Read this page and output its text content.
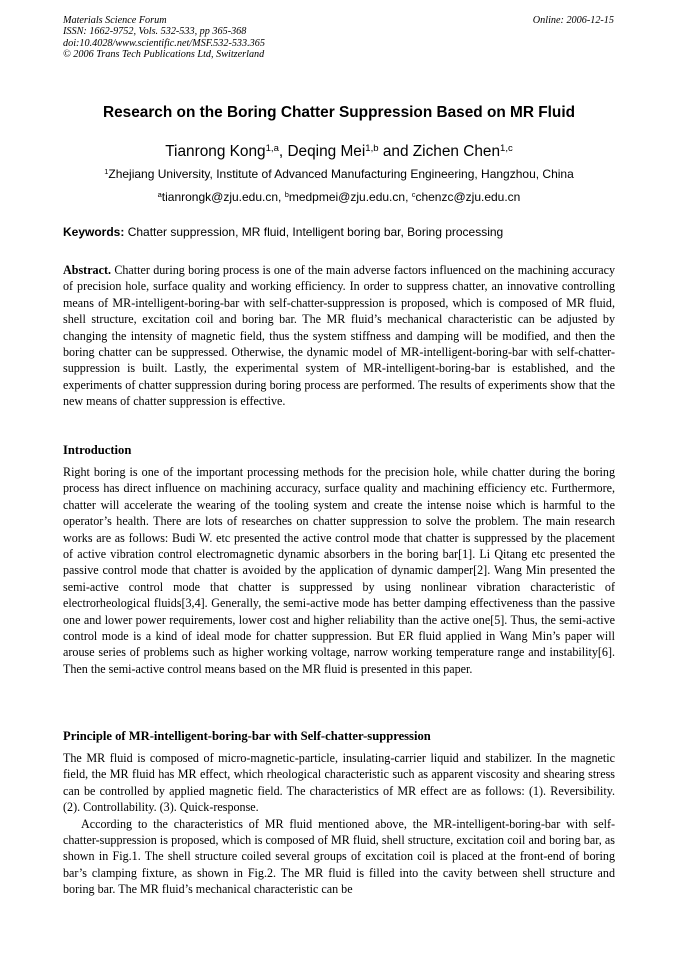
Materials Science Forum
ISSN: 1662-9752, Vols. 532-533, pp 365-368
doi:10.4028/www.scientific.net/MSF.532-533.365
© 2006 Trans Tech Publications Ltd, Switzerland
Online: 2006-12-15
Research on the Boring Chatter Suppression Based on MR Fluid
Tianrong Kong$^{1,a}$, Deqing Mei$^{1,b}$ and Zichen Chen$^{1,c}$
$^1$Zhejiang University, Institute of Advanced Manufacturing Engineering, Hangzhou, China
$^a$tianrongk@zju.edu.cn, $^b$medpmei@zju.edu.cn, $^c$chenzc@zju.edu.cn
Keywords: Chatter suppression, MR fluid, Intelligent boring bar, Boring processing
Abstract. Chatter during boring process is one of the main adverse factors influenced on the machining accuracy of precision hole, surface quality and working efficiency. In order to suppress chatter, an innovative controlling means of MR-intelligent-boring-bar with self-chatter-suppression is proposed, which is composed of MR fluid, shell structure, excitation coil and boring bar. The MR fluid’s mechanical characteristic can be adjusted by changing the intensity of magnetic field, thus the system stiffness and damping will be modified, and then the boring chatter can be suppressed. Otherwise, the dynamic model of MR-intelligent-boring-bar with self-chatter-suppression is built. Lastly, the experimental system of MR-intelligent-boring-bar is established, and the experiments of chatter suppression during boring process are performed. The results of experiments show that the new means of chatter suppression is effective.
Introduction
Right boring is one of the important processing methods for the precision hole, while chatter during the boring process has direct influence on machining accuracy, surface quality and machining efficiency etc. Furthermore, chatter will accelerate the wearing of the tooling system and create the intense noise which is harmful to the operator’s health. There are lots of researches on chatter suppression to solve the problem. The main research works are as follows: Budi W. etc presented the active control mode that chatter is suppressed by the placement of active vibration control electromagnetic dynamic absorbers in the boring bar[1]. Li Qitang etc presented the passive control mode that chatter is avoided by the application of dynamic damper[2]. Wang Min presented the semi-active control mode that chatter is suppressed by using nonlinear vibration characteristic of electrorheological fluids[3,4]. Generally, the semi-active mode has better damping effectiveness than the passive one and lower power requirements, lower cost and higher reliability than the active one[5]. Thus, the semi-active control mode is a kind of ideal mode for chatter suppression. But ER fluid applied in Wang Min’s paper will arouse series of problems such as higher working voltage, narrow working temperature range and instability[6]. Then the semi-active control means based on the MR fluid is presented in this paper.
Principle of MR-intelligent-boring-bar with Self-chatter-suppression
The MR fluid is composed of micro-magnetic-particle, insulating-carrier liquid and stabilizer. In the magnetic field, the MR fluid has MR effect, which rheological characteristic such as apparent viscosity and shearing stress can be controlled by applied magnetic field. The characteristics of MR effect are as follows: (1). Reversibility. (2). Controllability. (3). Quick-response.
According to the characteristics of MR fluid mentioned above, the MR-intelligent-boring-bar with self-chatter-suppression is proposed, which is composed of MR fluid, shell structure, excitation coil and boring bar, as shown in Fig.1. The shell structure coiled several groups of excitation coil is placed at the front-end of boring bar’s clamping fixture, as shown in Fig.2. The MR fluid is filled into the cavity between shell structure and boring bar. The MR fluid’s mechanical characteristic can be
